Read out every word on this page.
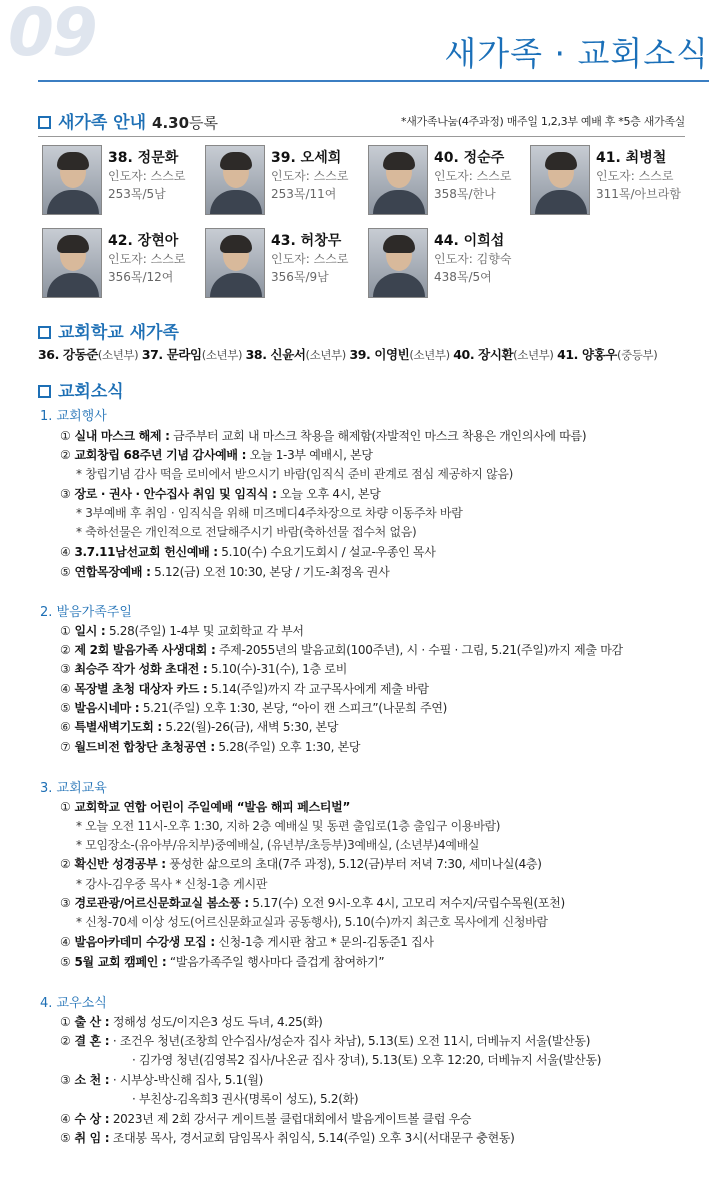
09	새가족 · 교회소식
새가족 안내 4.30등록	*새가족나눔(4주과정) 매주일 1,2,3부 예배 후 *5층 새가족실
38. 정문화
인도자: 스스로
253목/5남
39. 오세희
인도자: 스스로
253목/11여
40. 정순주
인도자: 스스로
358목/한나
41. 최병철
인도자: 스스로
311목/아브라함
42. 장현아
인도자: 스스로
356목/12여
43. 허창무
인도자: 스스로
356목/9남
44. 이희섭
인도자: 김향숙
438목/5여
교회학교 새가족
36. 강동준(소년부) 37. 문라임(소년부) 38. 신윤서(소년부) 39. 이영빈(소년부) 40. 장시환(소년부) 41. 양홍우(중등부)
교회소식
1. 교회행사
① 실내 마스크 해제 : 금주부터 교회 내 마스크 착용을 해제함(자발적인 마스크 착용은 개인의사에 따름)
② 교회창립 68주년 기념 감사예배 : 오늘 1-3부 예배시, 본당
* 창립기념 감사 떡을 로비에서 받으시기 바람(임직식 준비 관계로 점심 제공하지 않음)
③ 장로 · 권사 · 안수집사 취임 및 임직식 : 오늘 오후 4시, 본당
* 3부예배 후 취임 · 임직식을 위해 미즈메디4주차장으로 차량 이동주차 바람
* 축하선물은 개인적으로 전달해주시기 바람(축하선물 접수처 없음)
④ 3.7.11남선교회 헌신예배 : 5.10(수) 수요기도회시 / 설교-우종인 목사
⑤ 연합목장예배 : 5.12(금) 오전 10:30, 본당 / 기도-최정옥 권사
2. 발음가족주일
① 일시 : 5.28(주일) 1-4부 및 교회학교 각 부서
② 제 2회 발음가족 사생대회 : 주제-2055년의 발음교회(100주년), 시 · 수필 · 그림, 5.21(주일)까지 제출 마감
③ 최승주 작가 성화 초대전 : 5.10(수)-31(수), 1층 로비
④ 목장별 초청 대상자 카드 : 5.14(주일)까지 각 교구목사에게 제출 바람
⑤ 발음시네마 : 5.21(주일) 오후 1:30, 본당, “아이 캔 스피크”(나문희 주연)
⑥ 특별새벽기도회 : 5.22(월)-26(금), 새벽 5:30, 본당
⑦ 월드비전 합창단 초청공연 : 5.28(주일) 오후 1:30, 본당
3. 교회교육
① 교회학교 연합 어린이 주일예배 “발음 해피 페스티벌”
* 오늘 오전 11시-오후 1:30, 지하 2층 예배실 및 동편 출입로(1층 출입구 이용바람)
* 모임장소-(유아부/유치부)중예배실, (유년부/초등부)3예배실, (소년부)4예배실
② 확신반 성경공부 : 풍성한 삶으로의 초대(7주 과정), 5.12(금)부터 저녁 7:30, 세미나실(4층)
* 강사-김우중 목사 * 신청-1층 게시판
③ 경로관광/어르신문화교실 봄소풍 : 5.17(수) 오전 9시-오후 4시, 고모리 저수지/국립수목원(포천)
* 신청-70세 이상 성도(어르신문화교실과 공동행사), 5.10(수)까지 최근호 목사에게 신청바람
④ 발음아카데미 수강생 모집 : 신청-1층 게시판 참고 * 문의-김동준1 집사
⑤ 5월 교회 캠페인 : “발음가족주일 행사마다 즐겁게 참여하기”
4. 교우소식
① 출 산 : 정해성 성도/이지은3 성도 득녀, 4.25(화)
② 결 혼 : · 조건우 청년(조창희 안수집사/성순자 집사 차남), 5.13(토) 오전 11시, 더베뉴지 서울(발산동)
· 김가영 청년(김영복2 집사/나온균 집사 장녀), 5.13(토) 오후 12:20, 더베뉴지 서울(발산동)
③ 소 천 : · 시부상-박신해 집사, 5.1(월)
· 부친상-김옥희3 권사(명록이 성도), 5.2(화)
④ 수 상 : 2023년 제 2회 강서구 게이트볼 클럽대회에서 발음게이트볼 클럽 우승
⑤ 취 임 : 조대봉 목사, 경서교회 담임목사 취임식, 5.14(주일) 오후 3시(서대문구 충현동)
